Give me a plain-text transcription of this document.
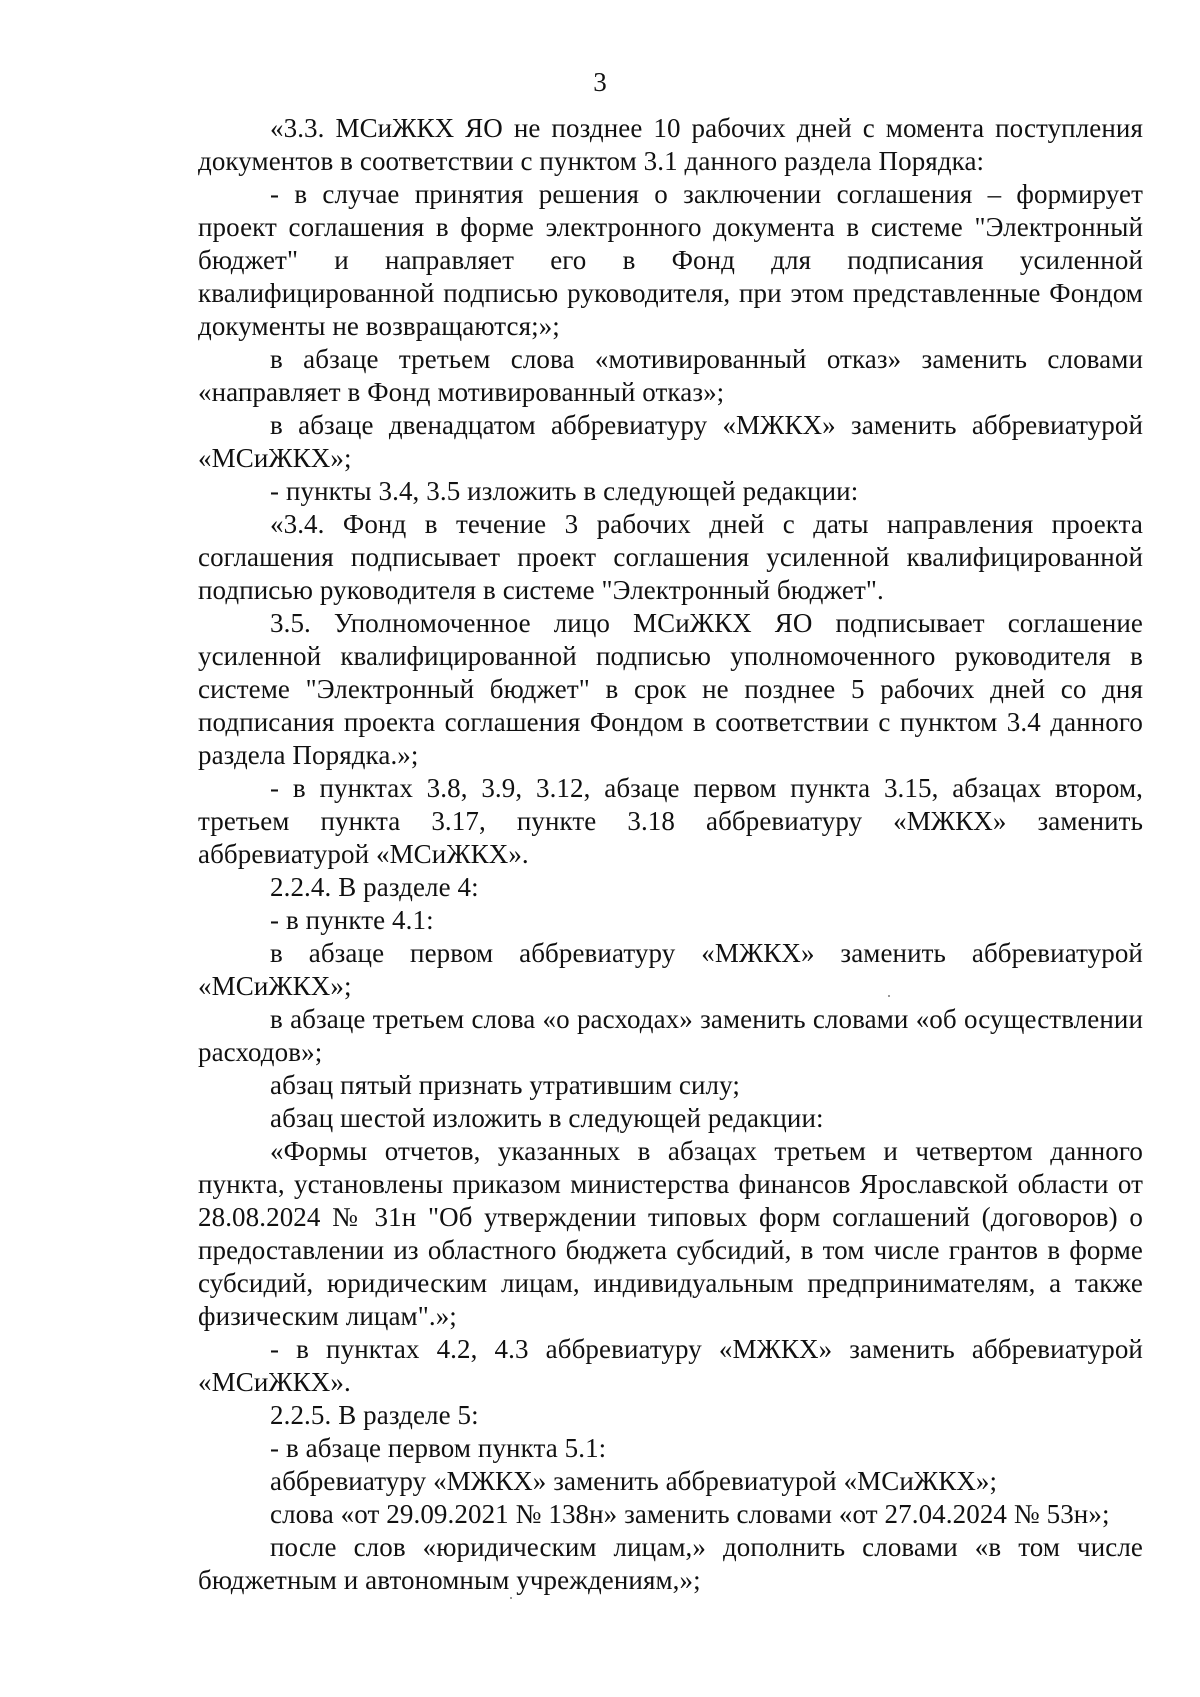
3

«3.3. МСиЖКХ ЯО не позднее 10 рабочих дней с момента поступления документов в соответствии с пунктом 3.1 данного раздела Порядка:

- в случае принятия решения о заключении соглашения – формирует проект соглашения в форме электронного документа в системе "Электронный бюджет" и направляет его в Фонд для подписания усиленной квалифицированной подписью руководителя, при этом представленные Фондом документы не возвращаются;»;

в абзаце третьем слова «мотивированный отказ» заменить словами «направляет в Фонд мотивированный отказ»;

в абзаце двенадцатом аббревиатуру «МЖКХ» заменить аббревиатурой «МСиЖКХ»;

- пункты 3.4, 3.5 изложить в следующей редакции:

«3.4. Фонд в течение 3 рабочих дней с даты направления проекта соглашения подписывает проект соглашения усиленной квалифицированной подписью руководителя в системе "Электронный бюджет".

3.5. Уполномоченное лицо МСиЖКХ ЯО подписывает соглашение усиленной квалифицированной подписью уполномоченного руководителя в системе "Электронный бюджет" в срок не позднее 5 рабочих дней со дня подписания проекта соглашения Фондом в соответствии с пунктом 3.4 данного раздела Порядка.»;

- в пунктах 3.8, 3.9, 3.12, абзаце первом пункта 3.15, абзацах втором, третьем пункта 3.17, пункте 3.18 аббревиатуру «МЖКХ» заменить аббревиатурой «МСиЖКХ».

2.2.4. В разделе 4:

- в пункте 4.1:

в абзаце первом аббревиатуру «МЖКХ» заменить аббревиатурой «МСиЖКХ»;

в абзаце третьем слова «о расходах» заменить словами «об осуществлении расходов»;

абзац пятый признать утратившим силу;

абзац шестой изложить в следующей редакции:

«Формы отчетов, указанных в абзацах третьем и четвертом данного пункта, установлены приказом министерства финансов Ярославской области от 28.08.2024 № 31н "Об утверждении типовых форм соглашений (договоров) о предоставлении из областного бюджета субсидий, в том числе грантов в форме субсидий, юридическим лицам, индивидуальным предпринимателям, а также физическим лицам".»;

- в пунктах 4.2, 4.3 аббревиатуру «МЖКХ» заменить аббревиатурой «МСиЖКХ».

2.2.5. В разделе 5:

- в абзаце первом пункта 5.1:

аббревиатуру «МЖКХ» заменить аббревиатурой «МСиЖКХ»;

слова «от 29.09.2021 № 138н» заменить словами «от 27.04.2024 № 53н»;

после слов «юридическим лицам,» дополнить словами «в том числе бюджетным и автономным учреждениям,»;
